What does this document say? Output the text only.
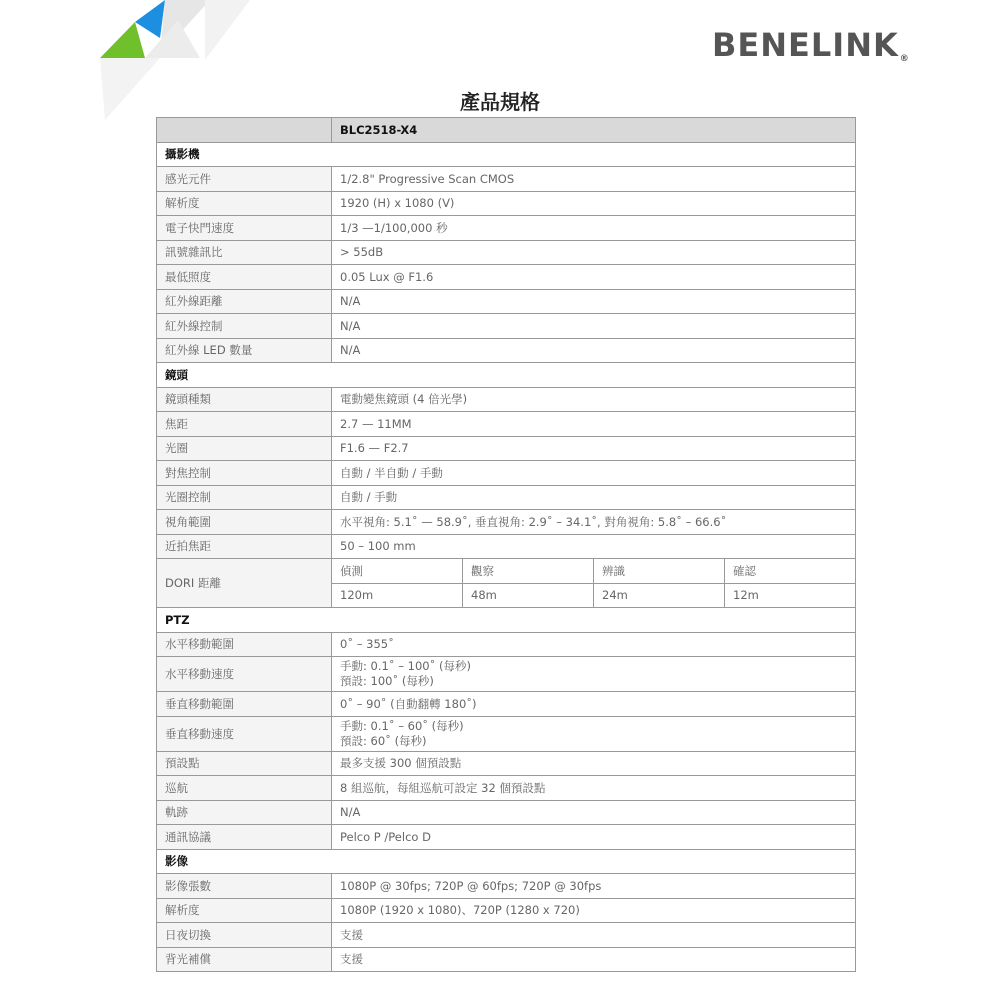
BENELINK®
產品規格
	BLC2518-X4			
攝影機				
感光元件	1/2.8" Progressive Scan CMOS			
解析度	1920 (H) x 1080 (V)			
電子快門速度	1/3 —1/100,000 秒			
訊號雜訊比	> 55dB			
最低照度	0.05 Lux @ F1.6			
紅外線距離	N/A			
紅外線控制	N/A			
紅外線 LED 數量	N/A			
鏡頭				
鏡頭種類	電動變焦鏡頭 (4 倍光學)			
焦距	2.7 — 11MM			
光圈	F1.6 — F2.7			
對焦控制	自動 / 半自動 / 手動			
光圈控制	自動 / 手動			
視角範圍	水平視角: 5.1˚ — 58.9˚, 垂直視角: 2.9˚ – 34.1˚, 對角視角: 5.8˚ – 66.6˚			
近拍焦距	50 – 100 mm			
DORI 距離	偵測	觀察	辨識	確認
	120m	48m	24m	12m
PTZ				
水平移動範圍	0˚ – 355˚			
水平移動速度	手動: 0.1˚ – 100˚ (每秒)
預設: 100˚ (每秒)			

垂直移動範圍	0˚ – 90˚ (自動翻轉 180˚)			
垂直移動速度	手動: 0.1˚ – 60˚ (每秒)
預設: 60˚ (每秒)			

預設點	最多支援 300 個預設點			
巡航	8 組巡航，每組巡航可設定 32 個預設點			
軌跡	N/A			
通訊協議	Pelco P /Pelco D			
影像				
影像張數	1080P @ 30fps; 720P @ 60fps; 720P @ 30fps			
解析度	1080P (1920 x 1080)、720P (1280 x 720)			
日夜切換	支援			
背光補償	支援			
